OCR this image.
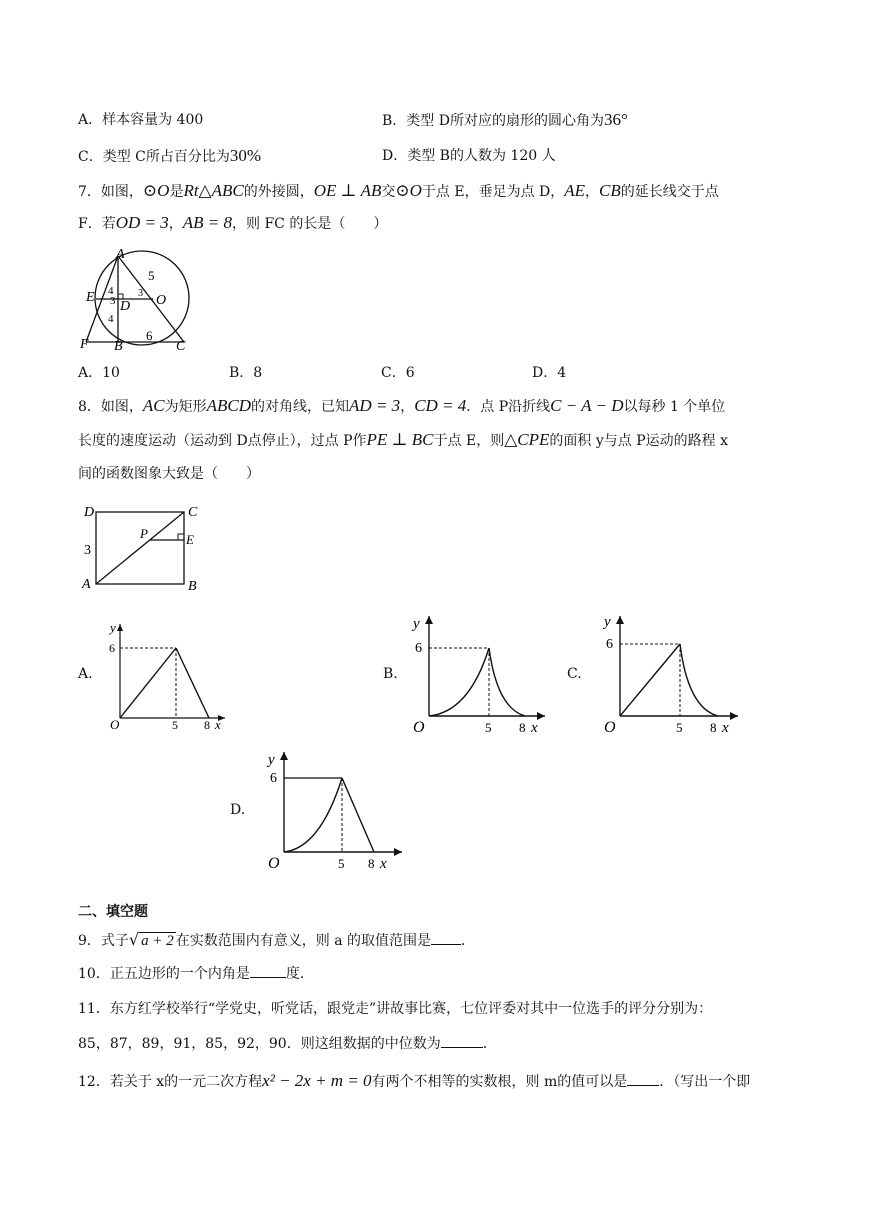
A．样本容量为 400	B．类型 D所对应的扇形的圆心角为36°
C．类型 C所占百分比为30%	D．类型 B的人数为 120 人
7．如图，⊙O是Rt△ABC的外接圆，OE ⊥ AB交⊙O于点 E，垂足为点 D，AE，CB的延长线交于点
F．若OD = 3，AB = 8，则 FC 的长是（　　）
A
5
E 4
3 D
3 O
4
6
F B	C
A．10	B．8	C．6	D．4
8．如图，AC为矩形ABCD的对角线，已知AD = 3，CD = 4．点 P沿折线C − A − D以每秒 1 个单位
长度的速度运动（运动到 D点停止），过点 P作PE ⊥ BC于点 E，则△CPE的面积 y与点 P运动的路程 x
间的函数图象大致是（　　）
D	C
P	E
3
A	B
A.	B.	C.
D.
y
6
O	5 8 x
y
6
O	5 8 x
y
6
O	5 8 x
y
6
O	5 8 x
二、填空题
9．式子√ a + 2 在实数范围内有意义，则 a 的取值范围是 ．
10．正五边形的一个内角是	度．
11．东方红学校举行“学党史，听党话，跟党走”讲故事比赛，七位评委对其中一位选手的评分分别为：
85，87，89，91，85，92，90．则这组数据的中位数为	．
12．若关于 x的一元二次方程x² − 2x + m = 0有两个不相等的实数根，则 m的值可以是 ．（写出一个即
